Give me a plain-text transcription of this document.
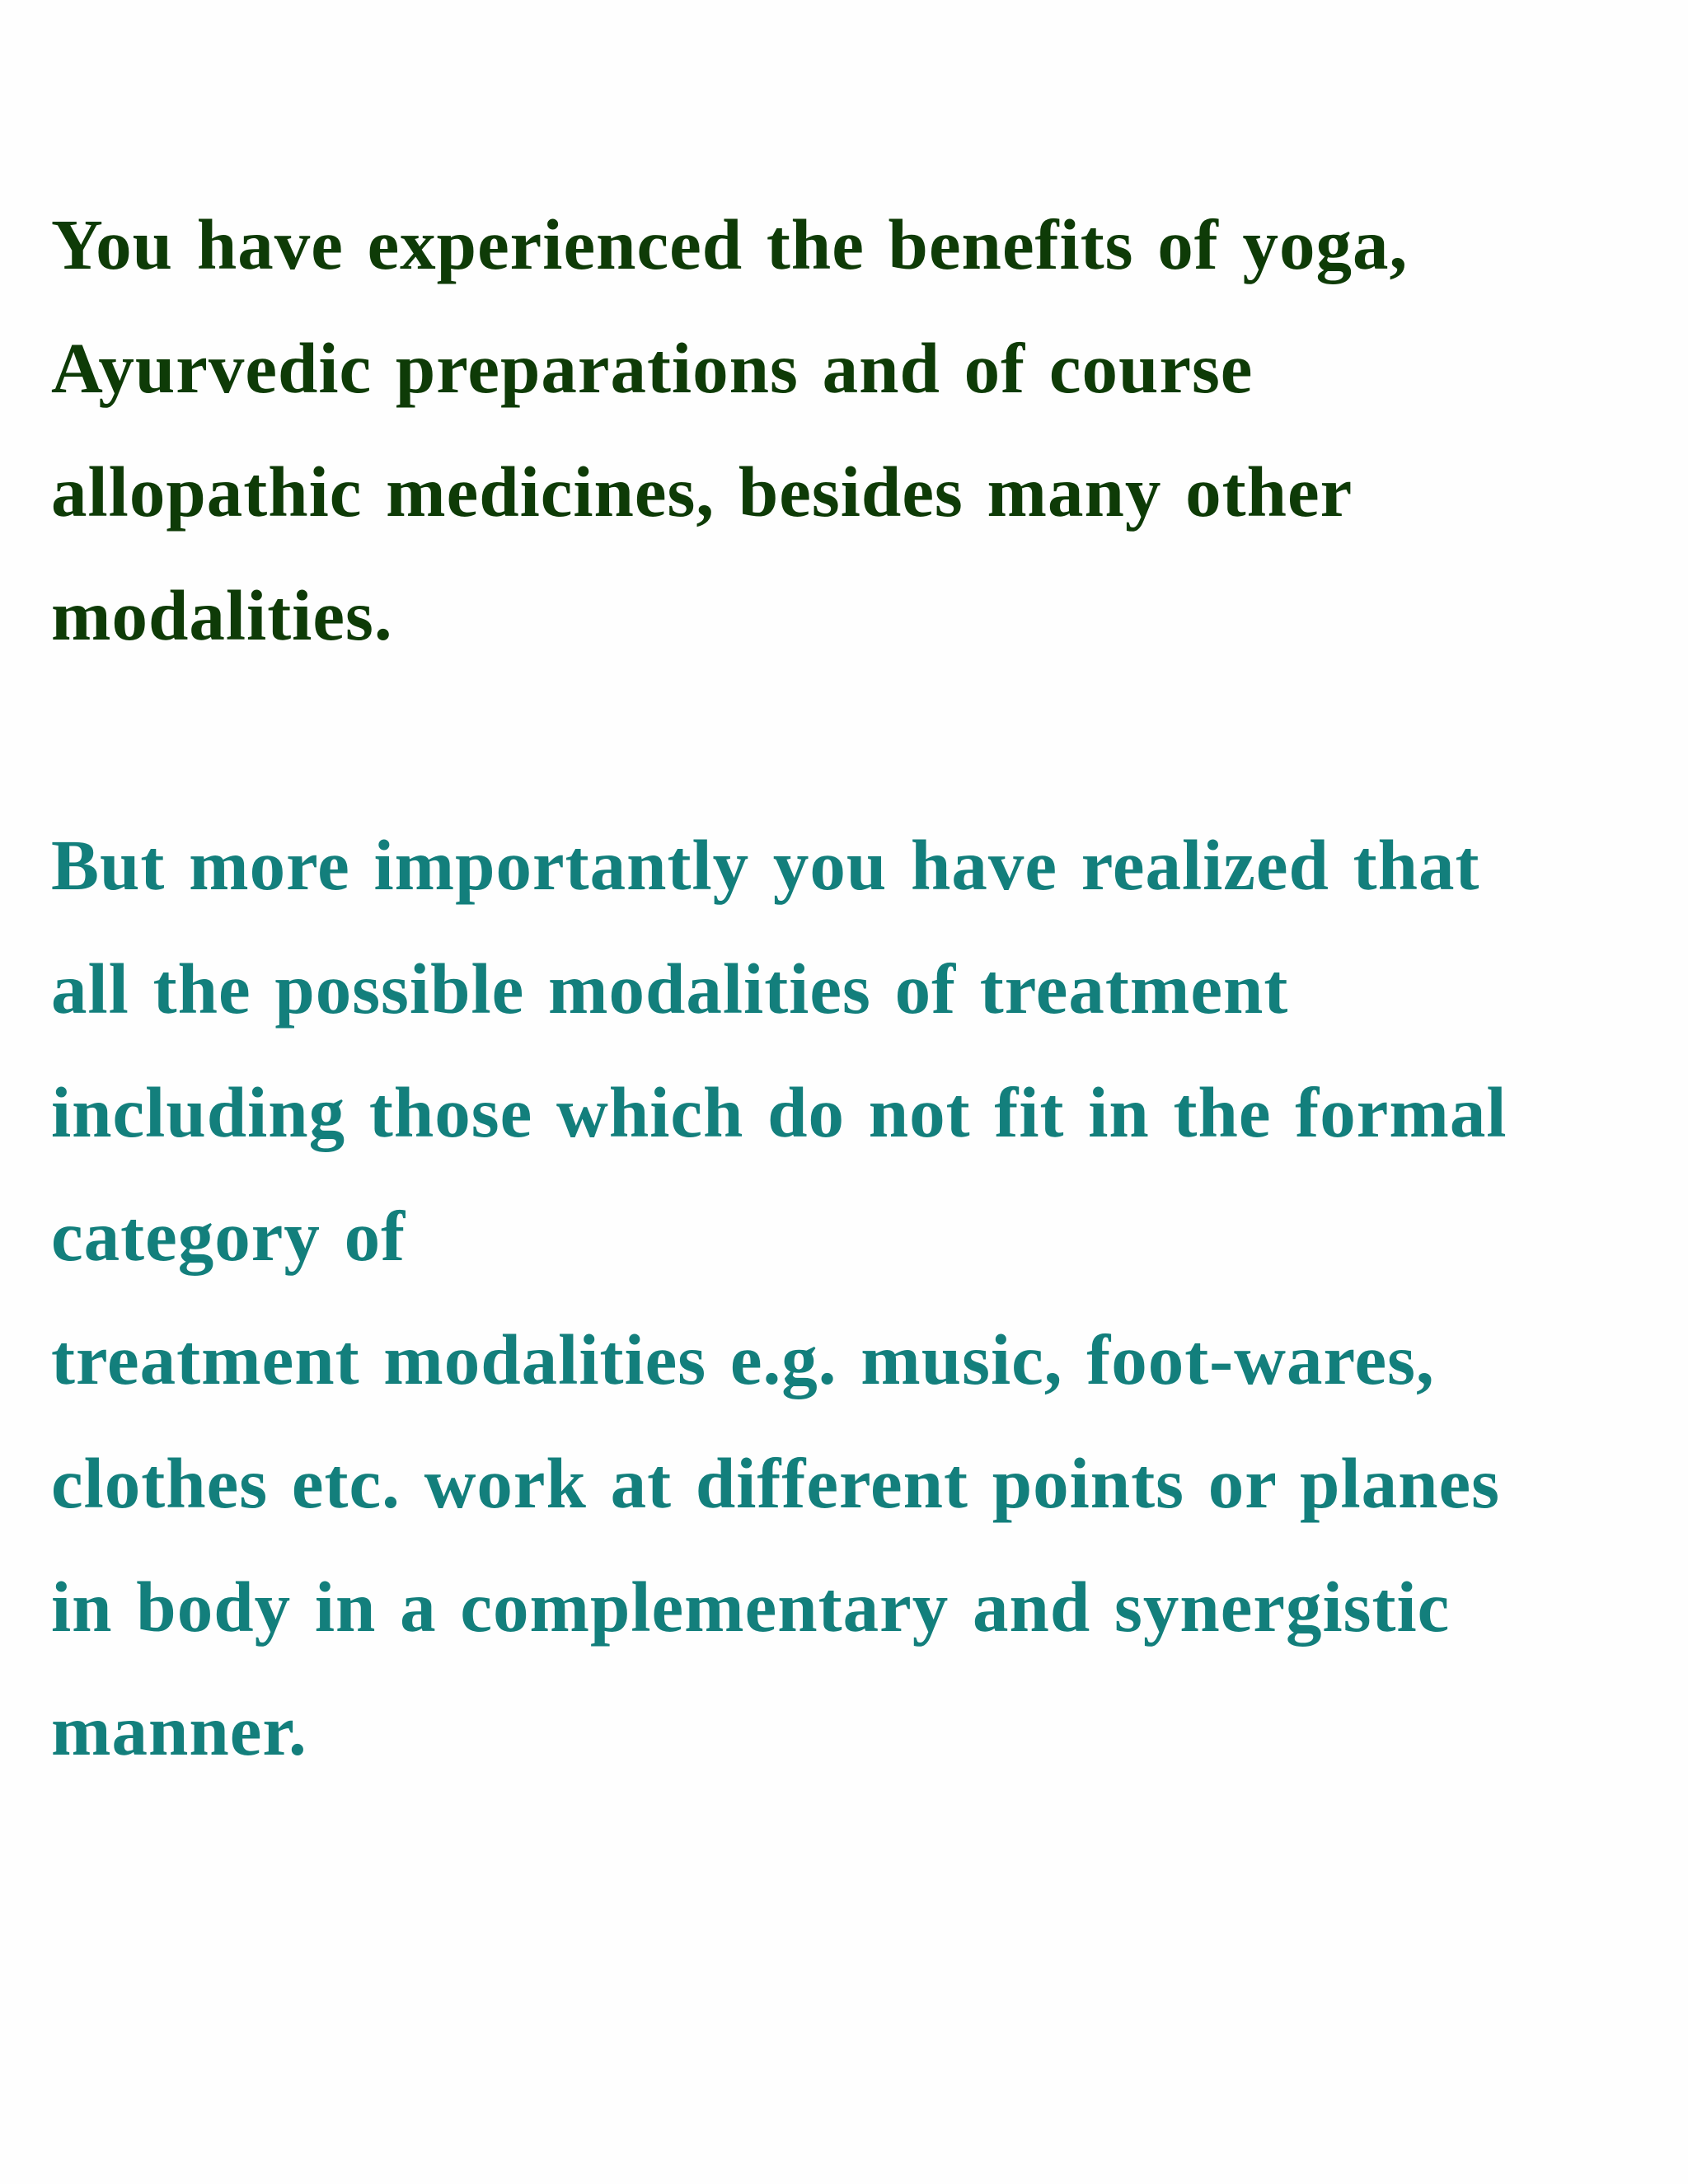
You have experienced the benefits of yoga,
Ayurvedic preparations and of course
allopathic medicines, besides many other
modalities.

But more importantly you have realized that
all the possible modalities of treatment
including those which do not fit in the formal
category of
treatment modalities e.g. music, foot-wares,
clothes etc. work at different points or planes
in body in a complementary and synergistic
manner.
